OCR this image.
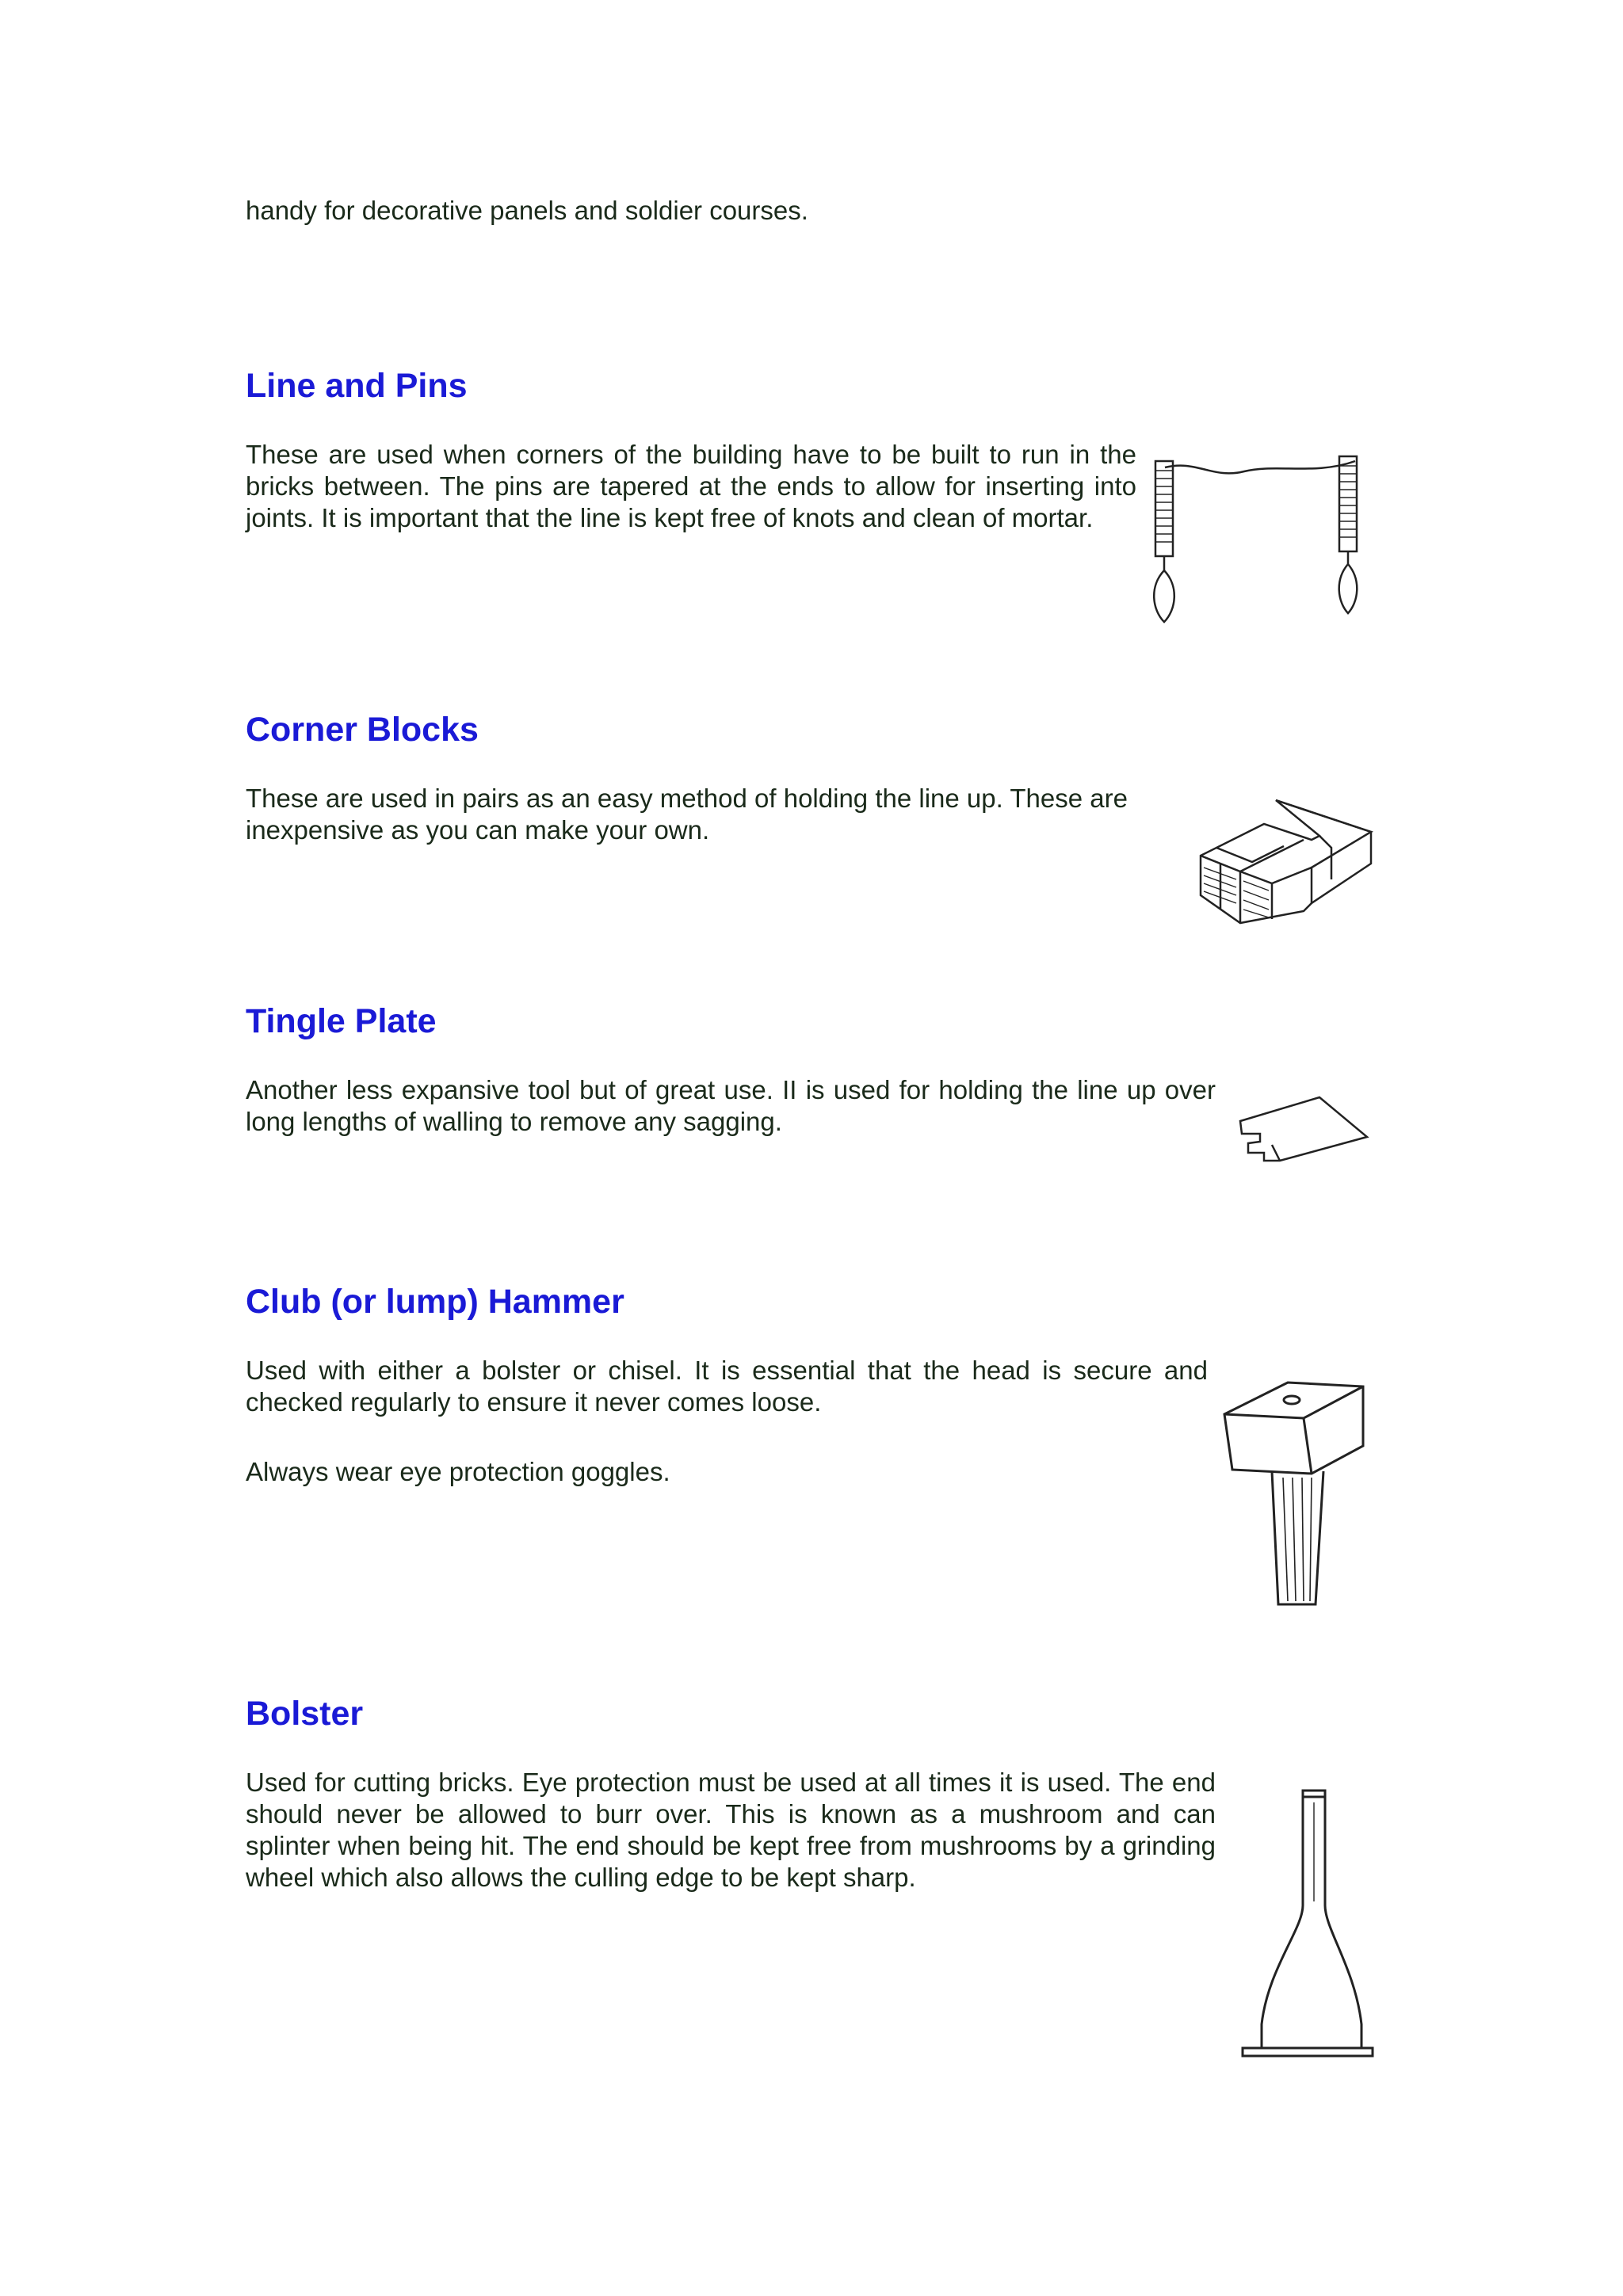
handy for decorative panels and soldier courses.

Line and Pins

These are used when corners of the building have to be built to run in the bricks between. The pins are tapered at the ends to allow for inserting into joints. It is important that the line is kept free of knots and clean of mortar.

Corner Blocks

These are used in pairs as an easy method of holding the line up. These are inexpensive as you can make your own.

Tingle Plate

Another less expansive tool but of great use. II is used for holding the line up over long lengths of walling to remove any sagging.

Club (or lump) Hammer

Used with either a bolster or chisel. It is essential that the head is secure and checked regularly to ensure it never comes loose.

Always wear eye protection goggles.

Bolster

Used for cutting bricks. Eye protection must be used at all times it is used. The end should never be allowed to burr over. This is known as a mushroom and can splinter when being hit. The end should be kept free from mushrooms by a grinding wheel which also allows the culling edge to be kept sharp.
